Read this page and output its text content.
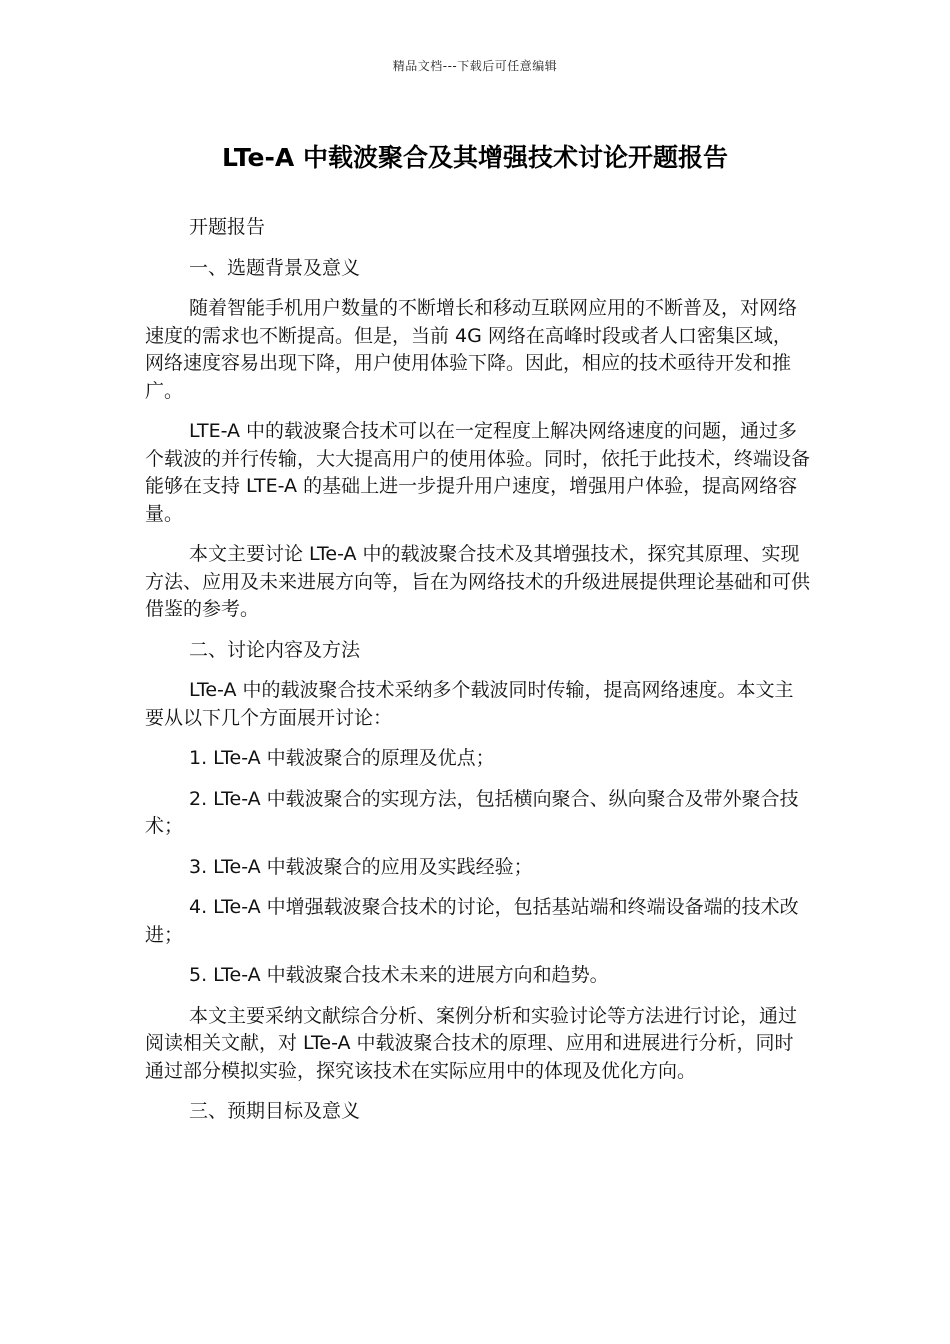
精品文档---下载后可任意编辑
LTe-A 中载波聚合及其增强技术讨论开题报告

开题报告

一、选题背景及意义

随着智能手机用户数量的不断增长和移动互联网应用的不断普及，对网络速度的需求也不断提高。但是，当前 4G 网络在高峰时段或者人口密集区域，网络速度容易出现下降，用户使用体验下降。因此，相应的技术亟待开发和推广。

LTE-A 中的载波聚合技术可以在一定程度上解决网络速度的问题，通过多个载波的并行传输，大大提高用户的使用体验。同时，依托于此技术，终端设备能够在支持 LTE-A 的基础上进一步提升用户速度，增强用户体验，提高网络容量。

本文主要讨论 LTe-A 中的载波聚合技术及其增强技术，探究其原理、实现方法、应用及未来进展方向等，旨在为网络技术的升级进展提供理论基础和可供借鉴的参考。

二、讨论内容及方法

LTe-A 中的载波聚合技术采纳多个载波同时传输，提高网络速度。本文主要从以下几个方面展开讨论：

1. LTe-A 中载波聚合的原理及优点；

2. LTe-A 中载波聚合的实现方法，包括横向聚合、纵向聚合及带外聚合技术；

3. LTe-A 中载波聚合的应用及实践经验；

4. LTe-A 中增强载波聚合技术的讨论，包括基站端和终端设备端的技术改进；

5. LTe-A 中载波聚合技术未来的进展方向和趋势。

本文主要采纳文献综合分析、案例分析和实验讨论等方法进行讨论，通过阅读相关文献，对 LTe-A 中载波聚合技术的原理、应用和进展进行分析，同时通过部分模拟实验，探究该技术在实际应用中的体现及优化方向。

三、预期目标及意义
